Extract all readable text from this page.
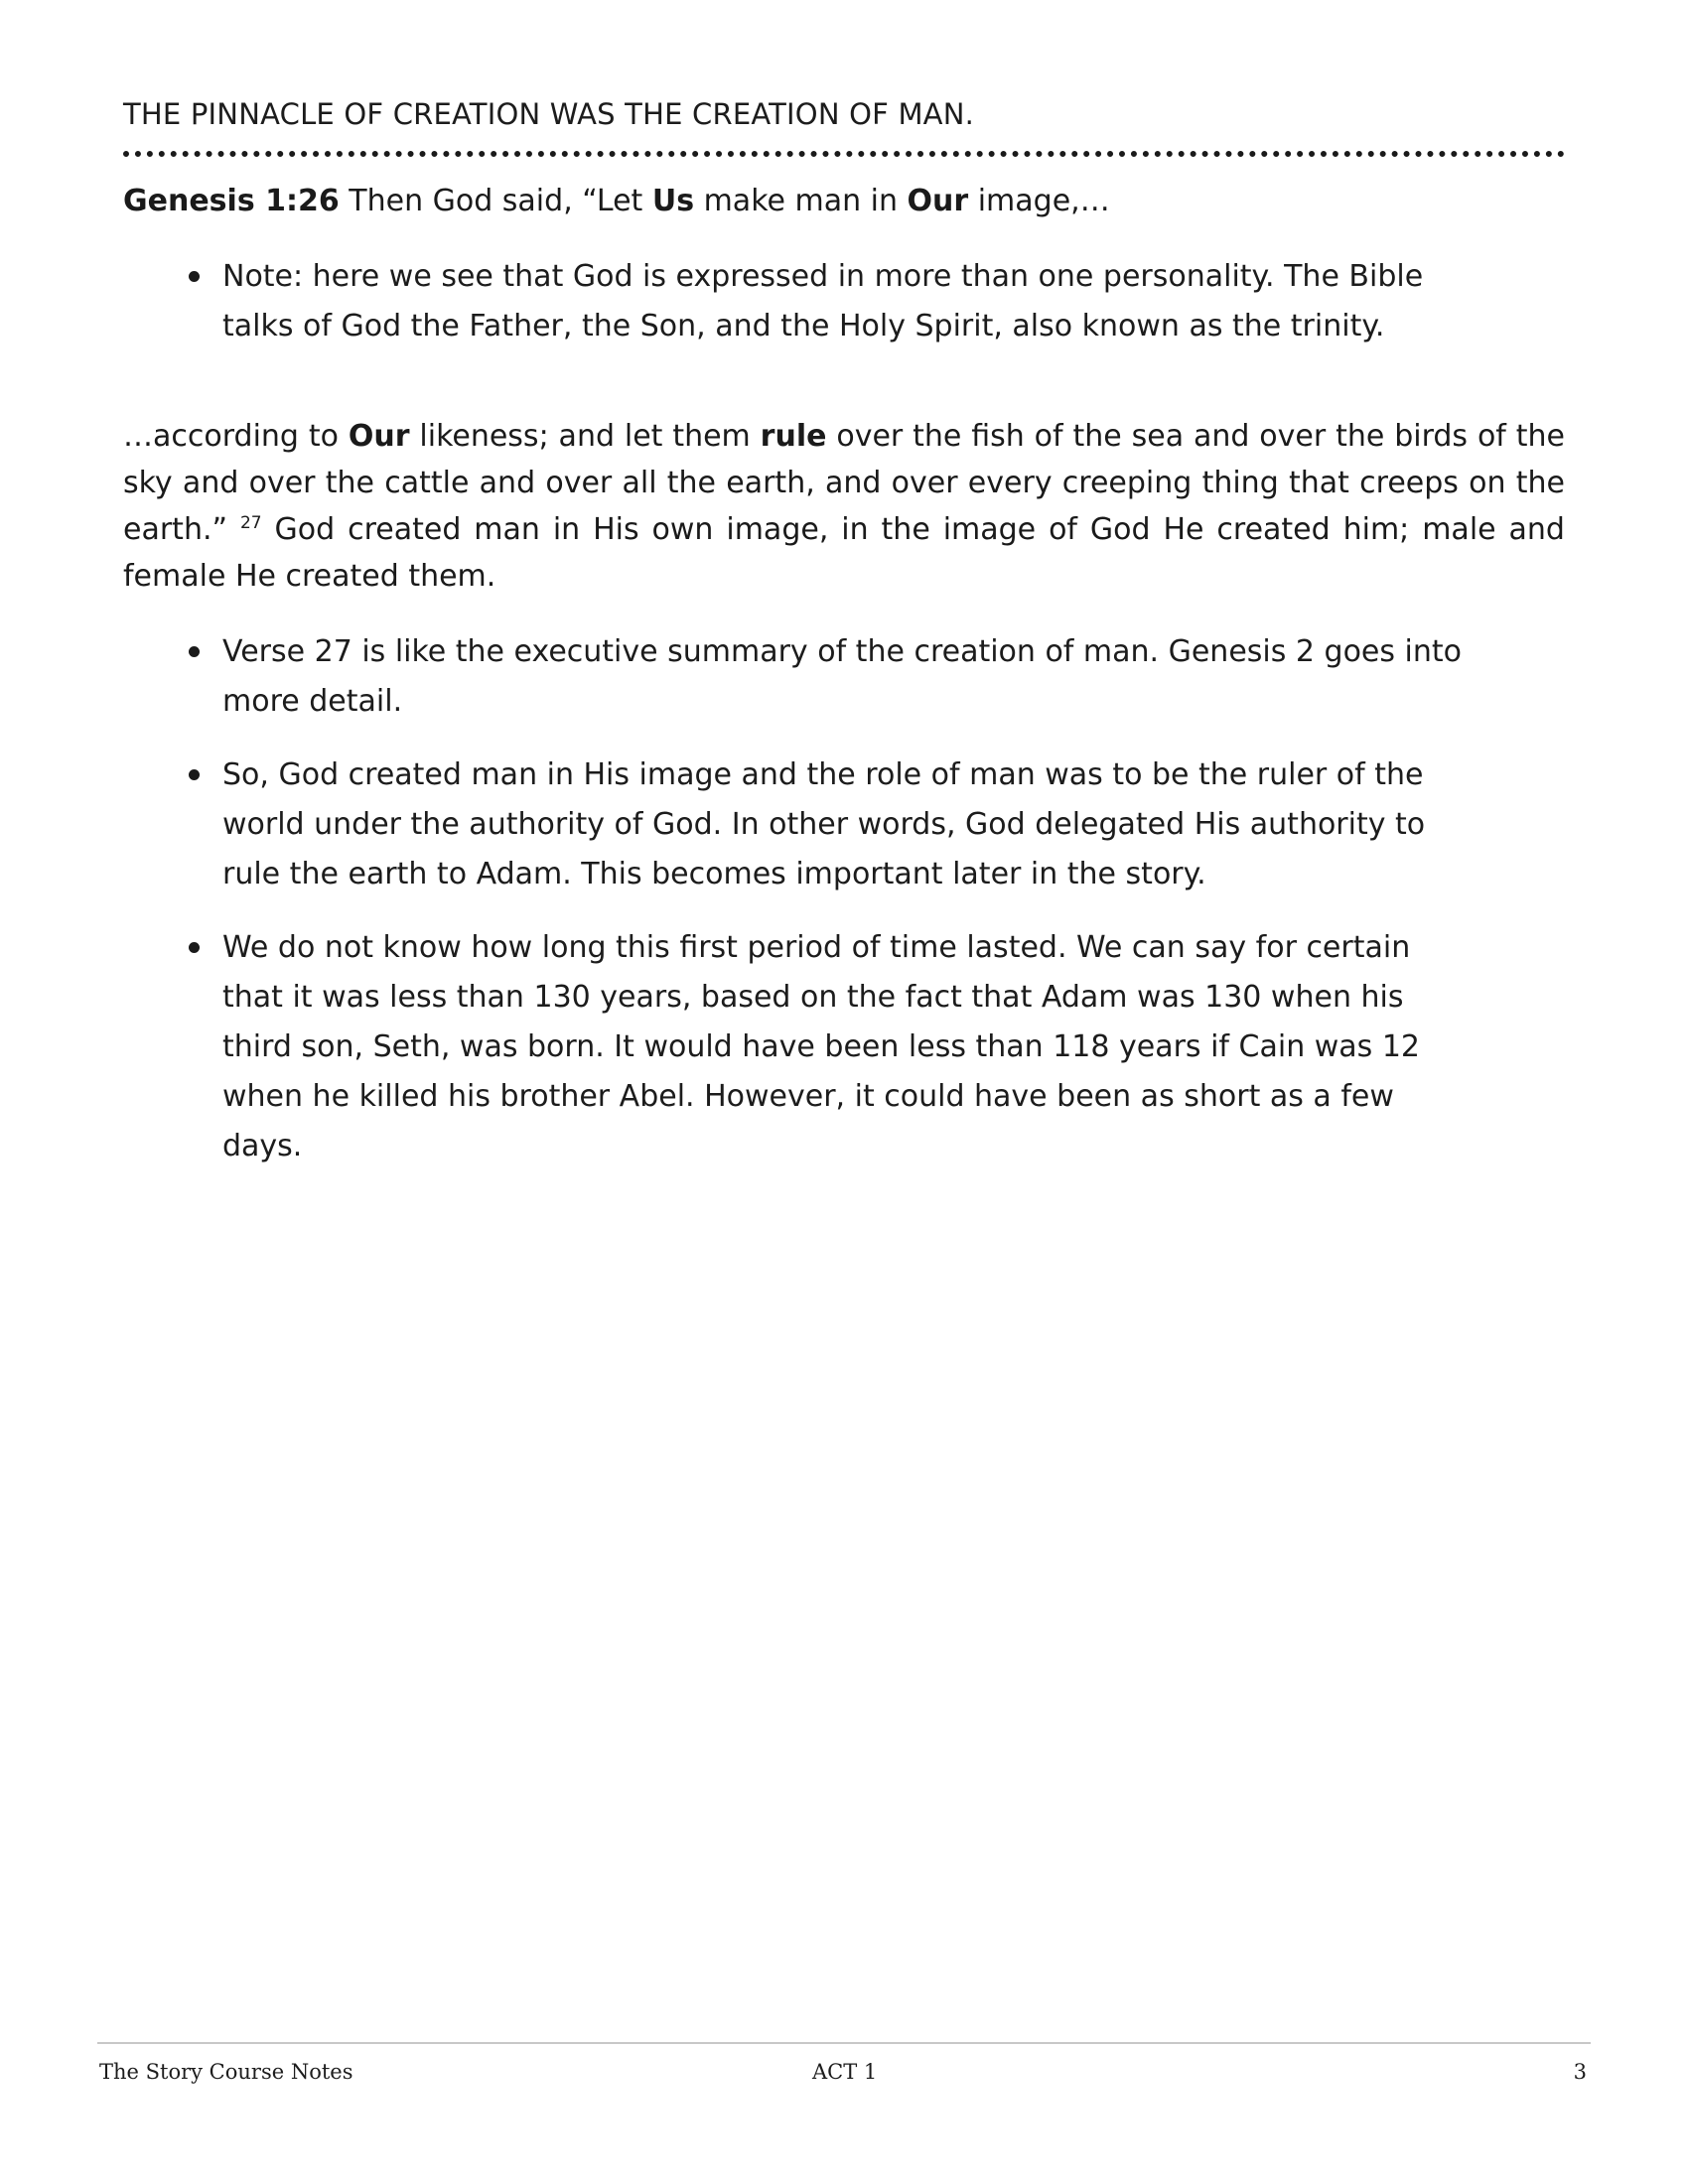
THE PINNACLE OF CREATION WAS THE CREATION OF MAN.

Genesis 1:26 Then God said, “Let Us make man in Our image,…

Note: here we see that God is expressed in more than one personality. The Bible talks of God the Father, the Son, and the Holy Spirit, also known as the trinity.

…according to Our likeness; and let them rule over the fish of the sea and over the birds of the sky and over the cattle and over all the earth, and over every creeping thing that creeps on the earth.” $^{27}$ God created man in His own image, in the image of God He created him; male and female He created them.

Verse 27 is like the executive summary of the creation of man. Genesis 2 goes into more detail.
So, God created man in His image and the role of man was to be the ruler of the world under the authority of God. In other words, God delegated His authority to rule the earth to Adam. This becomes important later in the story.
We do not know how long this first period of time lasted. We can say for certain that it was less than 130 years, based on the fact that Adam was 130 when his third son, Seth, was born. It would have been less than 118 years if Cain was 12 when he killed his brother Abel. However, it could have been as short as a few days.
The Story Course Notes	ACT 1	3
